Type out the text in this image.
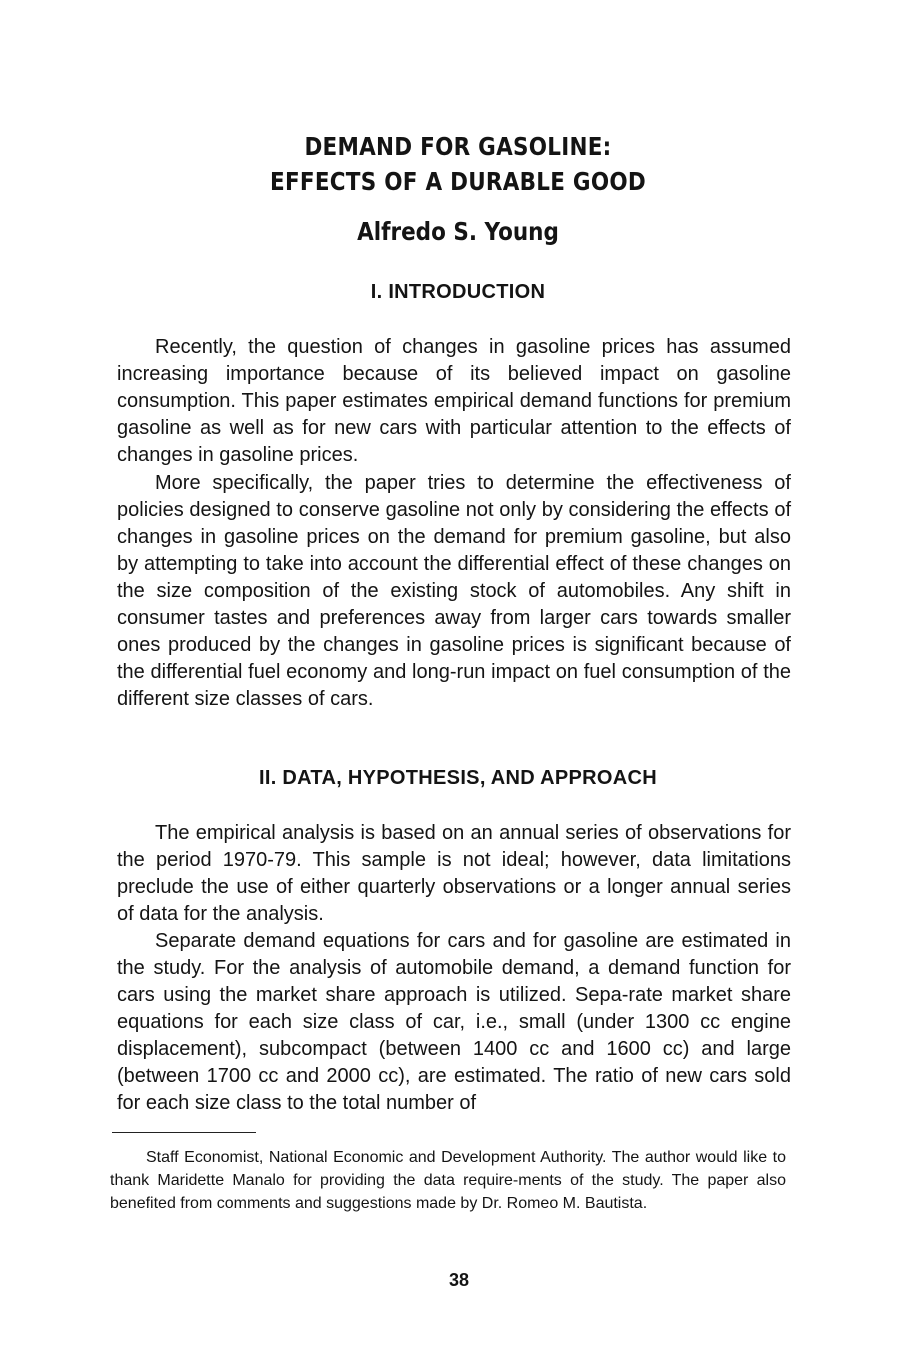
DEMAND FOR GASOLINE:
EFFECTS OF A DURABLE GOOD
Alfredo S. Young
I. INTRODUCTION

Recently, the question of changes in gasoline prices has assumed increasing importance because of its believed impact on gasoline consumption. This paper estimates empirical demand functions for premium gasoline as well as for new cars with particular attention to the effects of changes in gasoline prices.

More specifically, the paper tries to determine the effectiveness of policies designed to conserve gasoline not only by considering the effects of changes in gasoline prices on the demand for premium gasoline, but also by attempting to take into account the differential effect of these changes on the size composition of the existing stock of automobiles. Any shift in consumer tastes and preferences away from larger cars towards smaller ones produced by the changes in gasoline prices is significant because of the differential fuel economy and long-run impact on fuel consumption of the different size classes of cars.

II. DATA, HYPOTHESIS, AND APPROACH

The empirical analysis is based on an annual series of observations for the period 1970-79. This sample is not ideal; however, data limitations preclude the use of either quarterly observations or a longer annual series of data for the analysis.

Separate demand equations for cars and for gasoline are estimated in the study. For the analysis of automobile demand, a demand function for cars using the market share approach is utilized. Sepa-rate market share equations for each size class of car, i.e., small (under 1300 cc engine displacement), subcompact (between 1400 cc and 1600 cc) and large (between 1700 cc and 2000 cc), are estimated. The ratio of new cars sold for each size class to the total number of

Staff Economist, National Economic and Development Authority. The author would like to thank Maridette Manalo for providing the data require-ments of the study. The paper also benefited from comments and suggestions made by Dr. Romeo M. Bautista.

38
